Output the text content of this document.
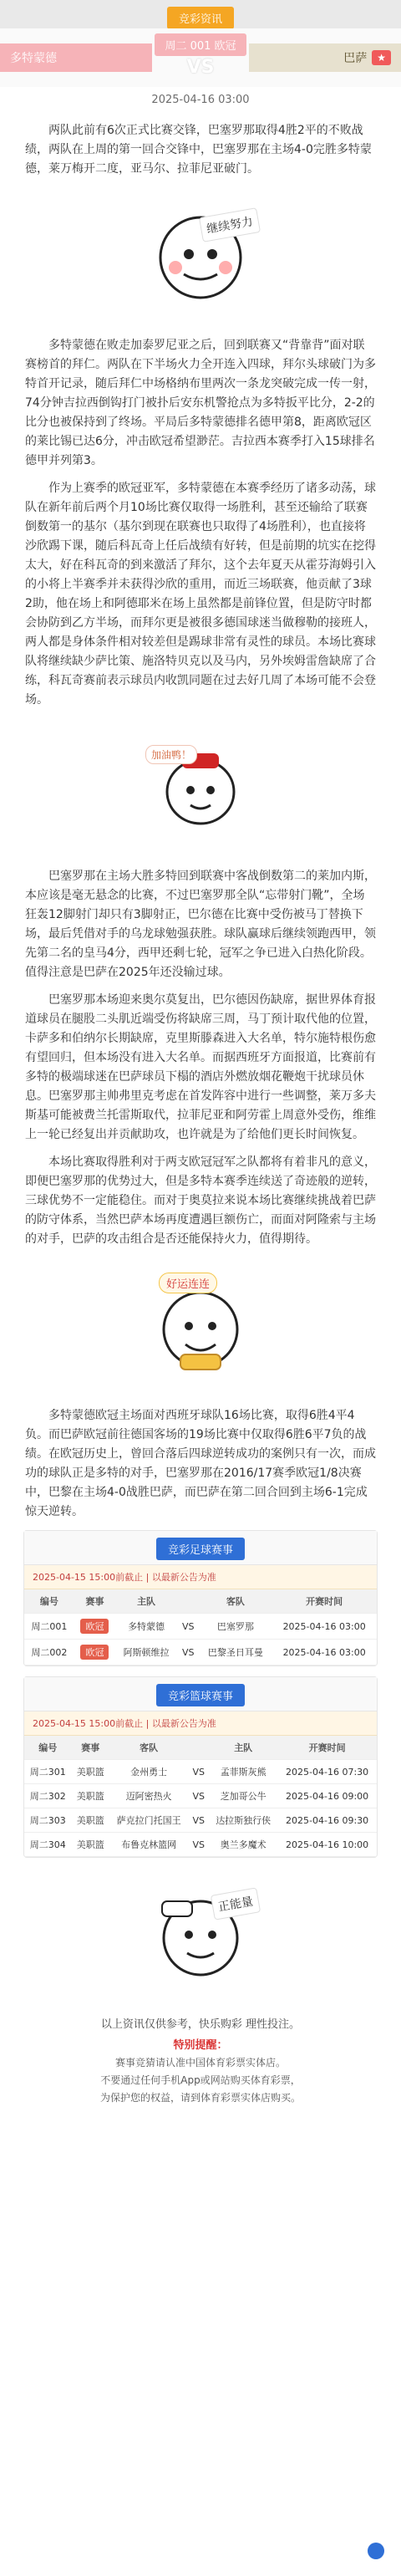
竞彩资讯
多特蒙德	巴萨	★
周二 001 欧冠
VS
2025-04-16 03:00

两队此前有6次正式比赛交锋，巴塞罗那取得4胜2平的不败战绩，两队在上周的第一回合交锋中，巴塞罗那在主场4-0完胜多特蒙德，莱万梅开二度，亚马尔、拉菲尼亚破门。

继续努力

多特蒙德在败走加泰罗尼亚之后，回到联赛又“背靠背”面对联赛榜首的拜仁。两队在下半场火力全开连入四球，拜尔头球破门为多特首开记录，随后拜仁中场格纳布里两次一条龙突破完成一传一射，74分钟吉拉西倒钩打门被扑后安东机警抢点为多特扳平比分，2-2的比分也被保持到了终场。平局后多特蒙德排名德甲第8，距离欧冠区的莱比锡已达6分，冲击欧冠希望渺茫。吉拉西本赛季打入15球排名德甲并列第3。

作为上赛季的欧冠亚军，多特蒙德在本赛季经历了诸多动荡，球队在新年前后两个月10场比赛仅取得一场胜利，甚至还输给了联赛倒数第一的基尔（基尔到现在联赛也只取得了4场胜利），也直接将沙欣踢下课，随后科瓦奇上任后战绩有好转，但是前期的坑实在挖得太大，好在科瓦奇的到来激活了拜尔，这个去年夏天从霍芬海姆引入的小将上半赛季并未获得沙欣的重用，而近三场联赛，他贡献了3球2助，他在场上和阿德耶米在场上虽然都是前锋位置，但是防守时都会协防到乙方半场，而拜尔更是被很多德国球迷当做穆勒的接班人，两人都是身体条件相对较差但是踢球非常有灵性的球员。本场比赛球队将继续缺少萨比策、施洛特贝克以及马内，另外埃姆雷詹缺席了合练，科瓦奇赛前表示球员内收凯同题在过去好几周了本场可能不会登场。

加油鸭！

巴塞罗那在主场大胜多特回到联赛中客战倒数第二的莱加内斯，本应该是毫无悬念的比赛，不过巴塞罗那全队“忘带射门靴”，全场狂轰12脚射门却只有3脚射正，巴尔德在比赛中受伤被马丁替换下场，最后凭借对手的乌龙球勉强获胜。球队赢球后继续领跑西甲，领先第二名的皇马4分，西甲还剩七轮，冠军之争已进入白热化阶段。值得注意是巴萨在2025年还没输过球。

巴塞罗那本场迎来奥尔莫复出，巴尔德因伤缺席，据世界体育报道球员在腿股二头肌近端受伤将缺席三周，马丁预计取代他的位置，卡萨多和伯纳尔长期缺席，克里斯滕森进入大名单，特尔施特根伤愈有望回归，但本场没有进入大名单。而据西班牙方面报道，比赛前有多特的极端球迷在巴萨球员下榻的酒店外燃放烟花鞭炮干扰球员休息。巴塞罗那主帅弗里克考虑在首发阵容中进行一些调整，莱万多夫斯基可能被费兰托雷斯取代，拉菲尼亚和阿劳霍上周意外受伤，维维上一轮已经复出并贡献助攻，也许就是为了给他们更长时间恢复。

本场比赛取得胜利对于两支欧冠冠军之队都将有着非凡的意义，即便巴塞罗那的优势过大，但是多特本赛季连续送了奇迹般的逆转，三球优势不一定能稳住。而对于奥莫拉来说本场比赛继续挑战着巴萨的防守体系，当然巴萨本场再度遭遇巨额伤亡，而面对阿隆索与主场的对手，巴萨的攻击组合是否还能保持火力，值得期待。

好运连连

多特蒙德欧冠主场面对西班牙球队16场比赛，取得6胜4平4负。而巴萨欧冠前往德国客场的19场比赛中仅取得6胜6平7负的战绩。在欧冠历史上，曾回合落后四球逆转成功的案例只有一次，而成功的球队正是多特的对手，巴塞罗那在2016/17赛季欧冠1/8决赛中，巴黎在主场4-0战胜巴萨，而巴萨在第二回合回到主场6-1完成惊天逆转。

竞彩足球赛事
2025-04-15 15:00前截止 | 以最新公告为准
编号	赛事	主队		客队	开赛时间
周二001	欧冠	多特蒙德	VS	巴塞罗那	2025-04-16 03:00
周二002	欧冠	阿斯顿维拉	VS	巴黎圣日耳曼	2025-04-16 03:00
竞彩篮球赛事
2025-04-15 15:00前截止 | 以最新公告为准
编号	赛事	客队		主队	开赛时间
周二301	美职篮	金州勇士	VS	孟菲斯灰熊	2025-04-16 07:30
周二302	美职篮	迈阿密热火	VS	芝加哥公牛	2025-04-16 09:00
周二303	美职篮	萨克拉门托国王	VS	达拉斯独行侠	2025-04-16 09:30
周二304	美职篮	布鲁克林篮网	VS	奥兰多魔术	2025-04-16 10:00
正能量
以上资讯仅供参考，快乐购彩 理性投注。
特别提醒：
赛事竞猜请认准中国体育彩票实体店。
不要通过任何手机App或网站购买体育彩票，
为保护您的权益，请到体育彩票实体店购买。
